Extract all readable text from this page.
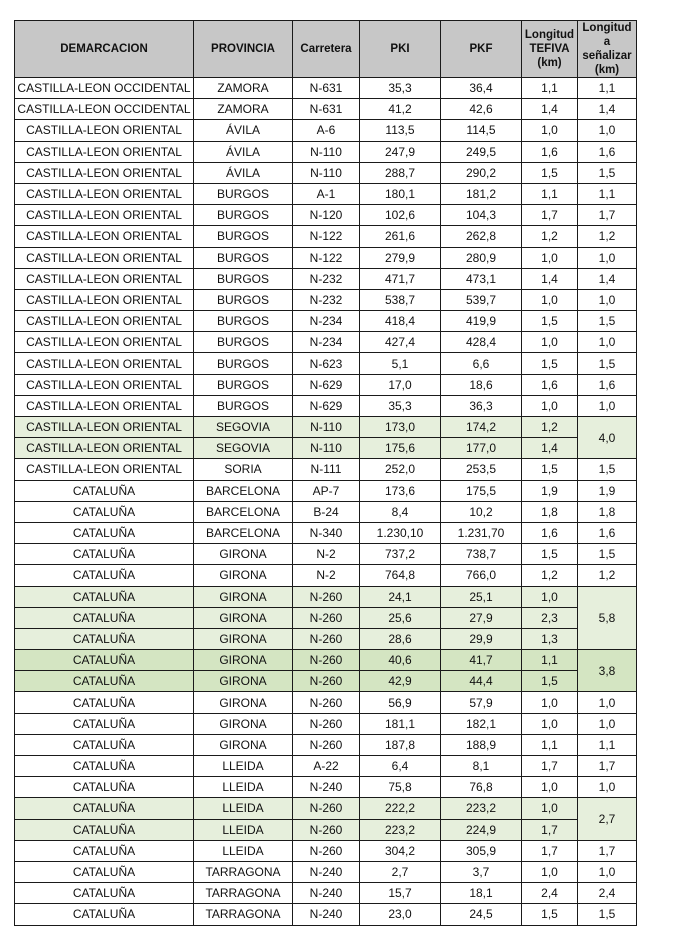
DEMARCACION	PROVINCIA	Carretera	PKI	PKF	Longitud TEFIVA (km)	Longitud a señalizar (km)
CASTILLA-LEON OCCIDENTAL	ZAMORA	N-631	35,3	36,4	1,1	1,1
CASTILLA-LEON OCCIDENTAL	ZAMORA	N-631	41,2	42,6	1,4	1,4
CASTILLA-LEON ORIENTAL	ÁVILA	A-6	113,5	114,5	1,0	1,0
CASTILLA-LEON ORIENTAL	ÁVILA	N-110	247,9	249,5	1,6	1,6
CASTILLA-LEON ORIENTAL	ÁVILA	N-110	288,7	290,2	1,5	1,5
CASTILLA-LEON ORIENTAL	BURGOS	A-1	180,1	181,2	1,1	1,1
CASTILLA-LEON ORIENTAL	BURGOS	N-120	102,6	104,3	1,7	1,7
CASTILLA-LEON ORIENTAL	BURGOS	N-122	261,6	262,8	1,2	1,2
CASTILLA-LEON ORIENTAL	BURGOS	N-122	279,9	280,9	1,0	1,0
CASTILLA-LEON ORIENTAL	BURGOS	N-232	471,7	473,1	1,4	1,4
CASTILLA-LEON ORIENTAL	BURGOS	N-232	538,7	539,7	1,0	1,0
CASTILLA-LEON ORIENTAL	BURGOS	N-234	418,4	419,9	1,5	1,5
CASTILLA-LEON ORIENTAL	BURGOS	N-234	427,4	428,4	1,0	1,0
CASTILLA-LEON ORIENTAL	BURGOS	N-623	5,1	6,6	1,5	1,5
CASTILLA-LEON ORIENTAL	BURGOS	N-629	17,0	18,6	1,6	1,6
CASTILLA-LEON ORIENTAL	BURGOS	N-629	35,3	36,3	1,0	1,0
CASTILLA-LEON ORIENTAL	SEGOVIA	N-110	173,0	174,2	1,2	4,0
CASTILLA-LEON ORIENTAL	SEGOVIA	N-110	175,6	177,0	1,4	
CASTILLA-LEON ORIENTAL	SORIA	N-111	252,0	253,5	1,5	1,5
CATALUÑA	BARCELONA	AP-7	173,6	175,5	1,9	1,9
CATALUÑA	BARCELONA	B-24	8,4	10,2	1,8	1,8
CATALUÑA	BARCELONA	N-340	1.230,10	1.231,70	1,6	1,6
CATALUÑA	GIRONA	N-2	737,2	738,7	1,5	1,5
CATALUÑA	GIRONA	N-2	764,8	766,0	1,2	1,2
CATALUÑA	GIRONA	N-260	24,1	25,1	1,0	5,8
CATALUÑA	GIRONA	N-260	25,6	27,9	2,3	
CATALUÑA	GIRONA	N-260	28,6	29,9	1,3	
CATALUÑA	GIRONA	N-260	40,6	41,7	1,1	3,8
CATALUÑA	GIRONA	N-260	42,9	44,4	1,5	
CATALUÑA	GIRONA	N-260	56,9	57,9	1,0	1,0
CATALUÑA	GIRONA	N-260	181,1	182,1	1,0	1,0
CATALUÑA	GIRONA	N-260	187,8	188,9	1,1	1,1
CATALUÑA	LLEIDA	A-22	6,4	8,1	1,7	1,7
CATALUÑA	LLEIDA	N-240	75,8	76,8	1,0	1,0
CATALUÑA	LLEIDA	N-260	222,2	223,2	1,0	2,7
CATALUÑA	LLEIDA	N-260	223,2	224,9	1,7	
CATALUÑA	LLEIDA	N-260	304,2	305,9	1,7	1,7
CATALUÑA	TARRAGONA	N-240	2,7	3,7	1,0	1,0
CATALUÑA	TARRAGONA	N-240	15,7	18,1	2,4	2,4
CATALUÑA	TARRAGONA	N-240	23,0	24,5	1,5	1,5
